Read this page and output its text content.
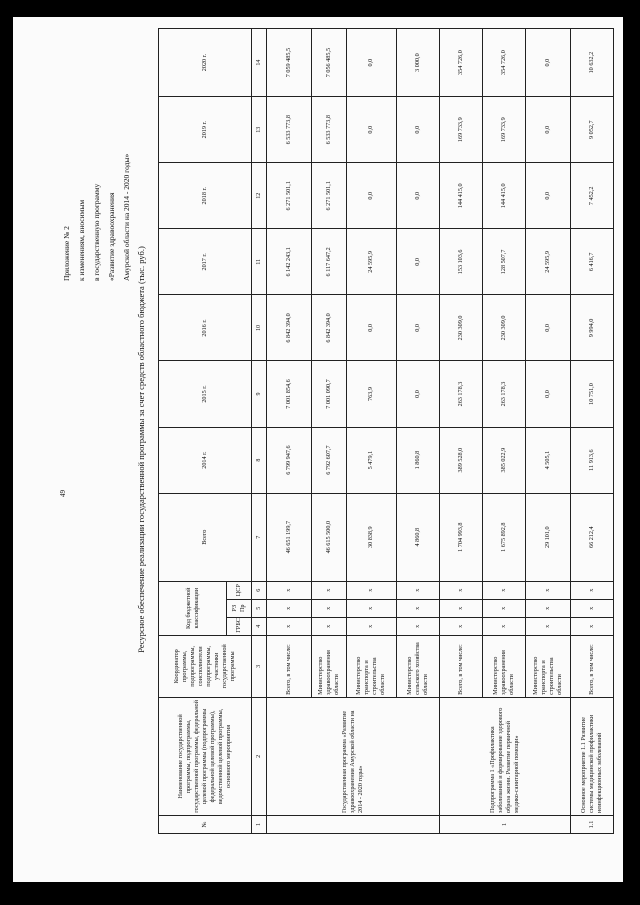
49
Приложение № 2 к изменениям, вносимым в государственную программу «Развитие здравоохранения Амурской области на 2014 - 2020 годы»
Ресурсное обеспечение реализации государственной программы за счет средств областного бюджета (тыс. руб.)
№	Наименование государственной программы, подпрограммы, государственной программы, федеральной целевой программы (подпрограммы федеральной целевой программы), ведомственной целевой программы, основного мероприятия	Координатор программы, подпрограммы, соисполнители подпрограммы, участники государственной программы	Код бюджетной классификации			Всего	2014 г.	2015 г.	2016 г.	2017 г.	2018 г.	2019 г.	2020 г.
			ГРБС	РЗ Пр	ЦСР								
1	2	3	4	5	6	7	8	9	10	11	12	13	14
	Государственная программа «Развитие здравоохранения Амурской области на 2014 - 2020 годы»	Всего, в том числе:	х	х	х	46 651 199,7	6 799 947,6	7 001 854,6	6 842 394,0	6 142 243,1	6 271 501,1	6 533 773,8	7 059 485,5
		Министерство здравоохранения области	х	х	х	46 615 500,0	6 792 607,7	7 001 090,7	6 842 394,0	6 117 647,2	6 271 501,1	6 533 773,8	7 056 485,5
		Министерство транспорта и строительства области	х	х	х	30 838,9	5 479,1	763,9	0,0	24 595,9	0,0	0,0	0,0
		Министерство сельского хозяйства области	х	х	х	4 860,8	1 860,8	0,0	0,0	0,0	0,0	0,0	3 000,0
1	Подпрограмма 1 «Профилактика заболеваний и формирование здорового образа жизни. Развитие первичной медико-санитарной помощи»	Всего, в том числе:	х	х	х	1 704 993,8	389 528,0	263 178,3	230 309,0	153 103,6	144 415,0	169 733,9	354 726,0
		Министерство здравоохранения области	х	х	х	1 675 892,8	385 022,9	263 178,3	230 309,0	128 507,7	144 415,0	169 733,9	354 726,0
		Министерство транспорта и строительства области	х	х	х	29 101,0	4 505,1	0,0	0,0	24 595,9	0,0	0,0	0,0
1.1	Основное мероприятие 1.1 Развитие системы медицинской профилактики неинфекционных заболеваний	Всего, в том числе:	х	х	х	66 212,4	11 913,6	10 751,0	9 994,0	6 416,7	7 452,2	9 052,7	10 632,2
